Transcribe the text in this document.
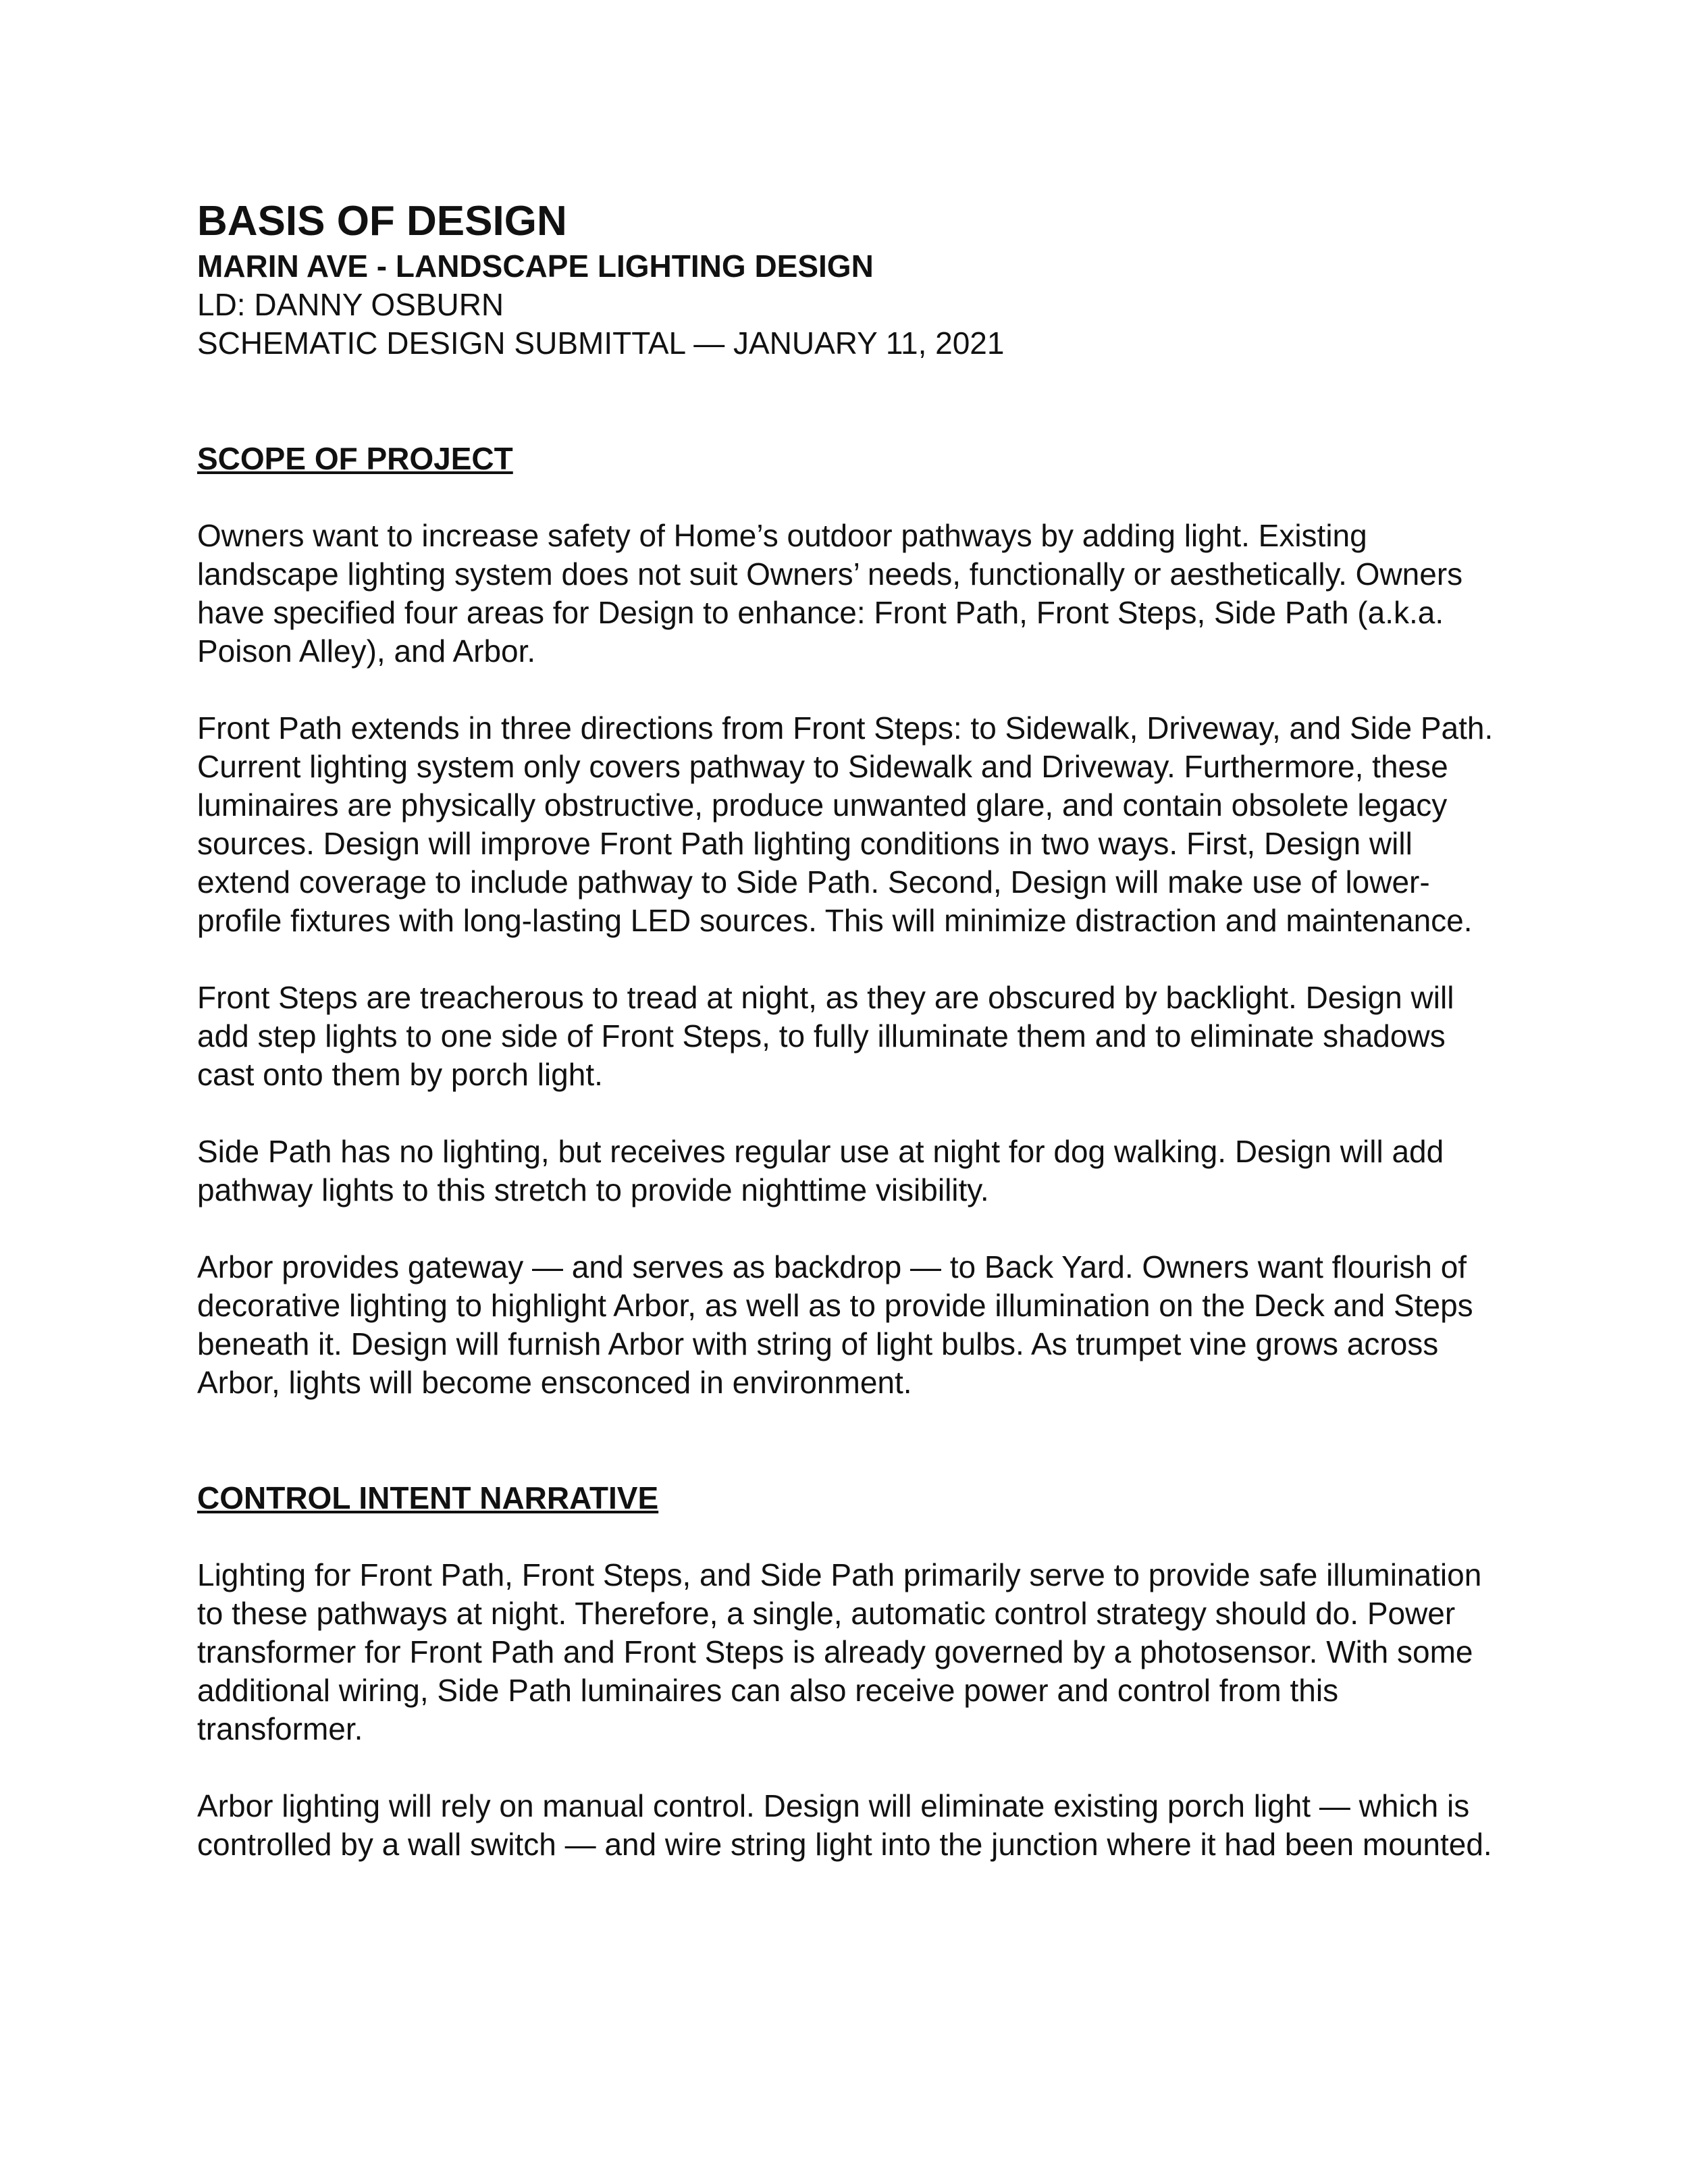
BASIS OF DESIGN
MARIN AVE - LANDSCAPE LIGHTING DESIGN
LD: DANNY OSBURN
SCHEMATIC DESIGN SUBMITTAL — JANUARY 11, 2021
SCOPE OF PROJECT

Owners want to increase safety of Home’s outdoor pathways by adding light. Existing landscape lighting system does not suit Owners’ needs, functionally or aesthetically. Owners have specified four areas for Design to enhance: Front Path, Front Steps, Side Path (a.k.a. Poison Alley), and Arbor.

Front Path extends in three directions from Front Steps: to Sidewalk, Driveway, and Side Path. Current lighting system only covers pathway to Sidewalk and Driveway. Furthermore, these luminaires are physically obstructive, produce unwanted glare, and contain obsolete legacy sources. Design will improve Front Path lighting conditions in two ways. First, Design will extend coverage to include pathway to Side Path. Second, Design will make use of lower-profile fixtures with long-lasting LED sources. This will minimize distraction and maintenance.

Front Steps are treacherous to tread at night, as they are obscured by backlight. Design will add step lights to one side of Front Steps, to fully illuminate them and to eliminate shadows cast onto them by porch light.

Side Path has no lighting, but receives regular use at night for dog walking. Design will add pathway lights to this stretch to provide nighttime visibility.

Arbor provides gateway — and serves as backdrop — to Back Yard. Owners want flourish of decorative lighting to highlight Arbor, as well as to provide illumination on the Deck and Steps beneath it. Design will furnish Arbor with string of light bulbs. As trumpet vine grows across Arbor, lights will become ensconced in environment.

CONTROL INTENT NARRATIVE

Lighting for Front Path, Front Steps, and Side Path primarily serve to provide safe illumination to these pathways at night. Therefore, a single, automatic control strategy should do. Power transformer for Front Path and Front Steps is already governed by a photosensor. With some additional wiring, Side Path luminaires can also receive power and control from this transformer.

Arbor lighting will rely on manual control. Design will eliminate existing porch light — which is controlled by a wall switch — and wire string light into the junction where it had been mounted.
